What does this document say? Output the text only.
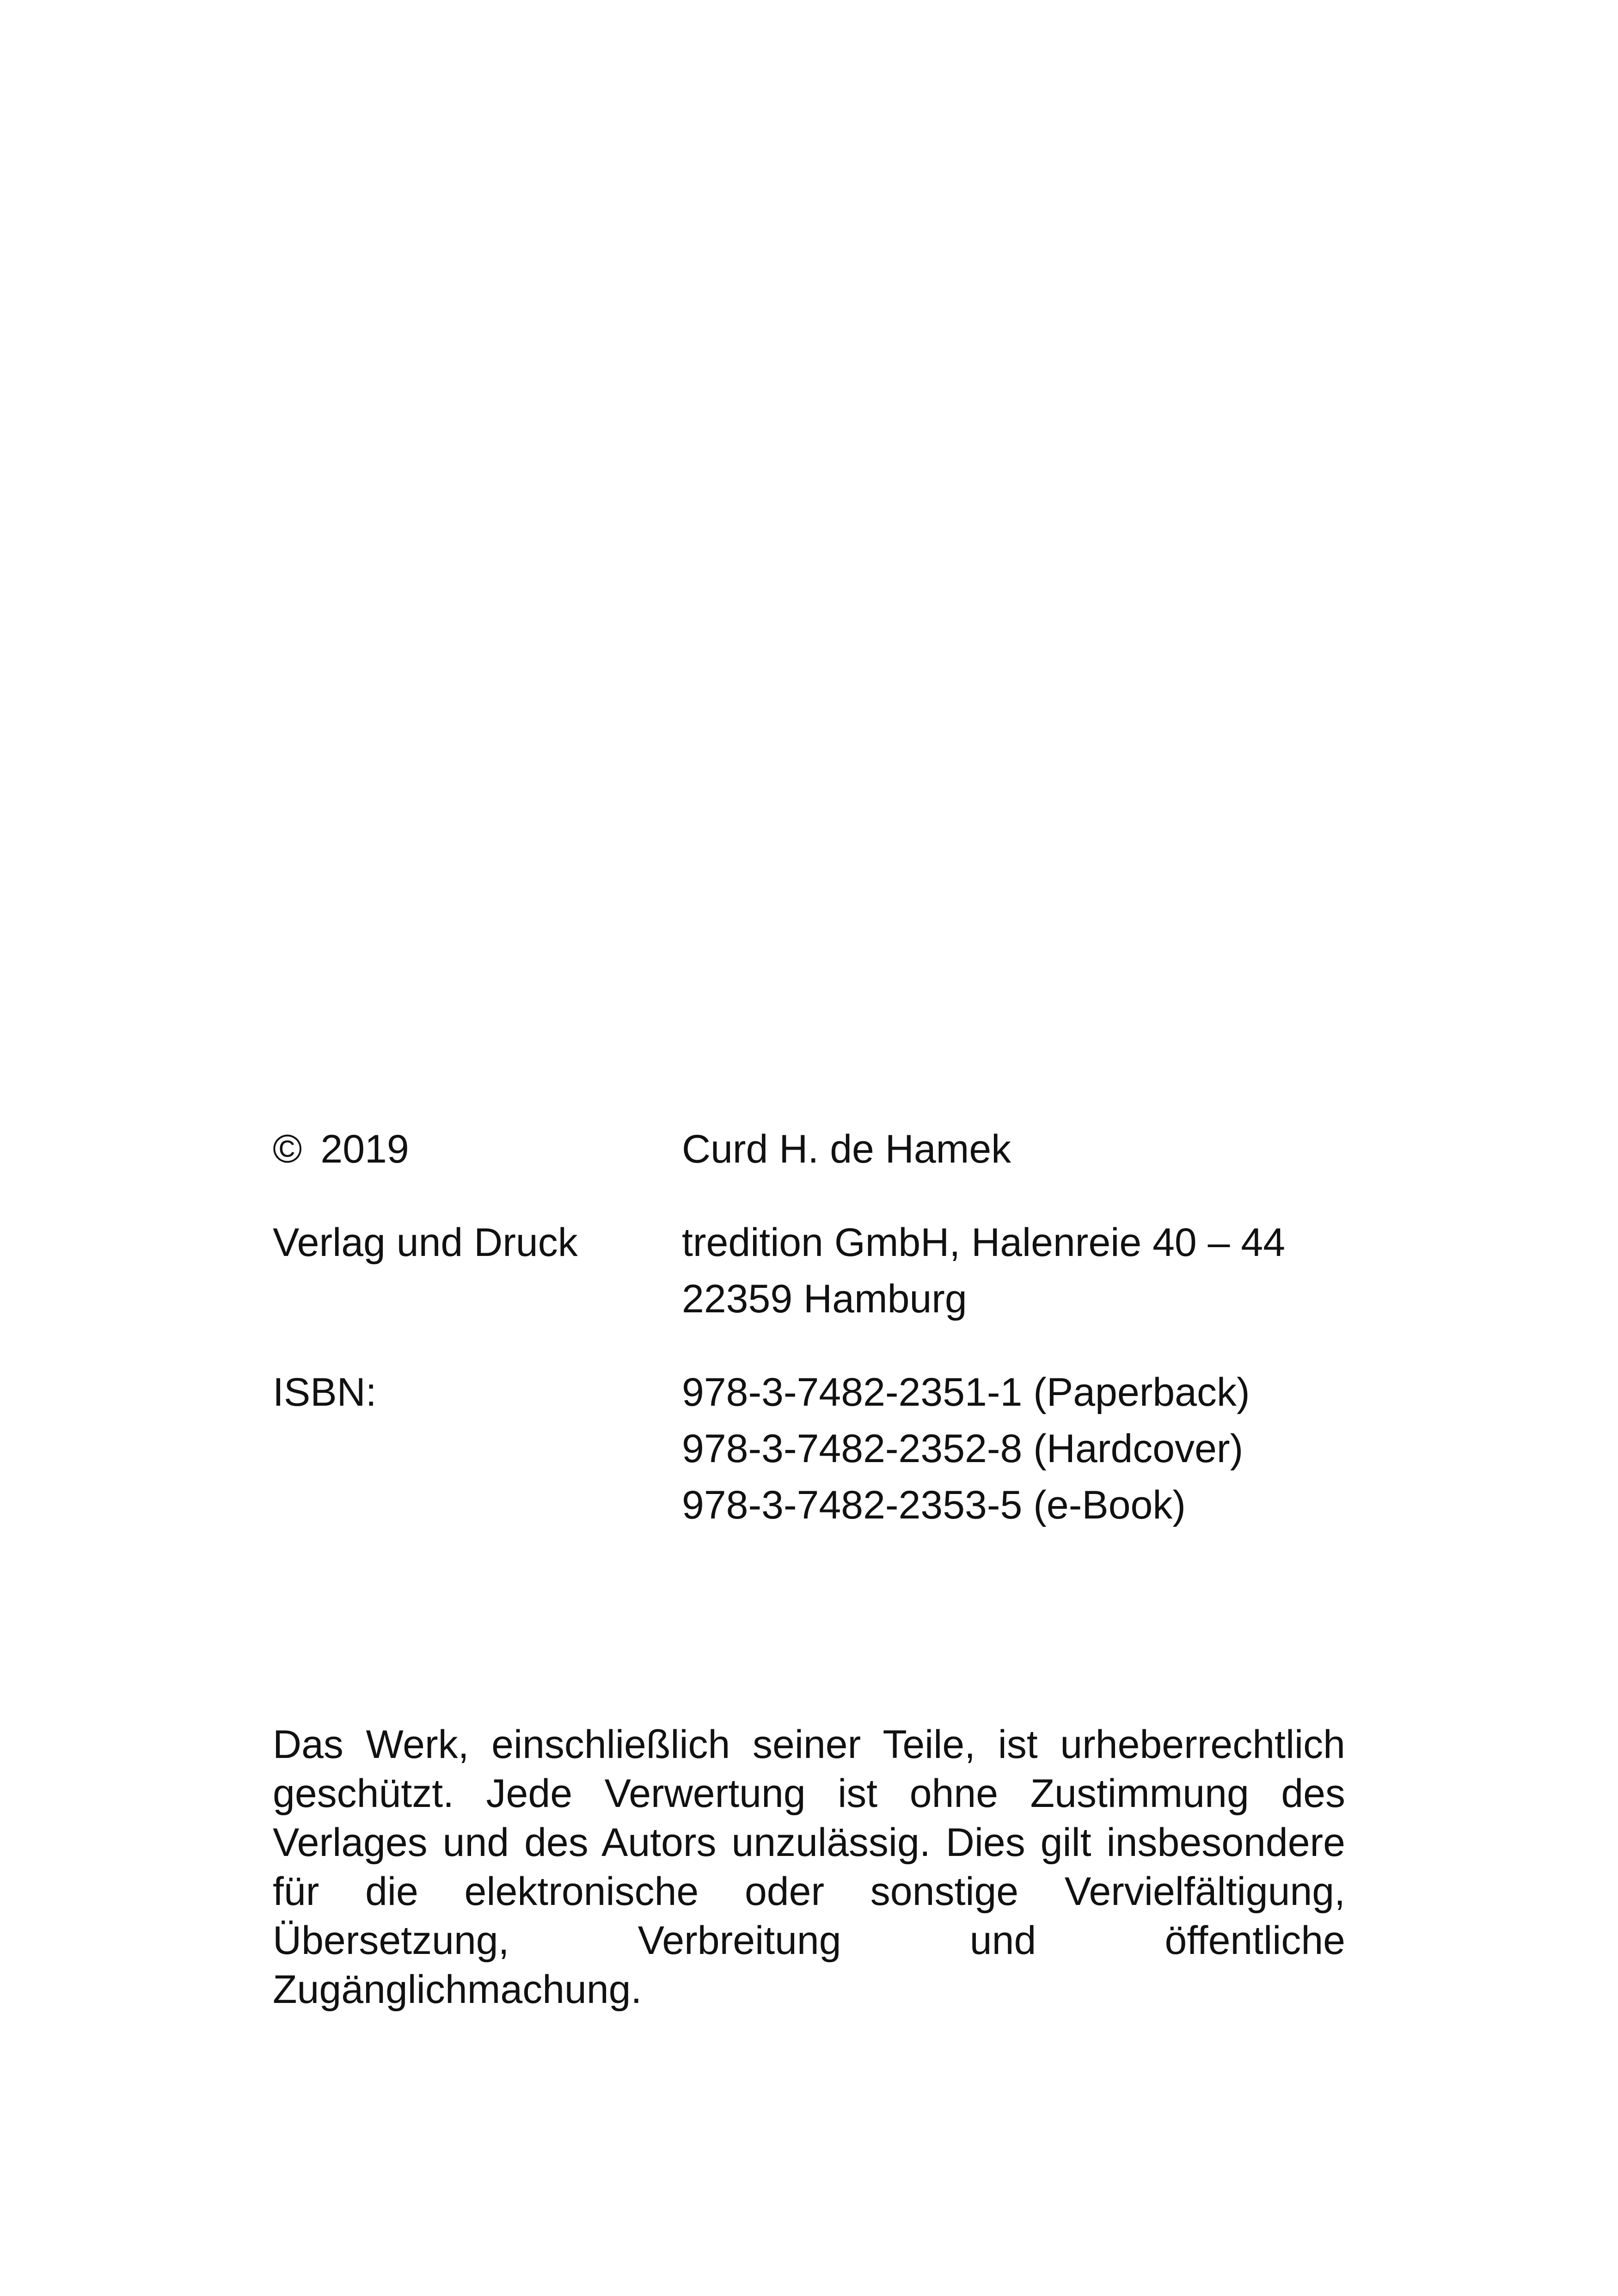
© 2019	Curd H. de Hamek
Verlag und Druck	tredition GmbH, Halenreie 40 – 44
22359 Hamburg
ISBN:	978-3-7482-2351-1 (Paperback)
978-3-7482-2352-8 (Hardcover)
978-3-7482-2353-5 (e-Book)

Das Werk, einschließlich seiner Teile, ist urheberrechtlich geschützt. Jede Verwertung ist ohne Zustimmung des Verlages und des Autors unzulässig. Dies gilt insbesondere für die elektronische oder sonstige Vervielfältigung, Übersetzung, Verbreitung und öffentliche Zugänglichmachung.
